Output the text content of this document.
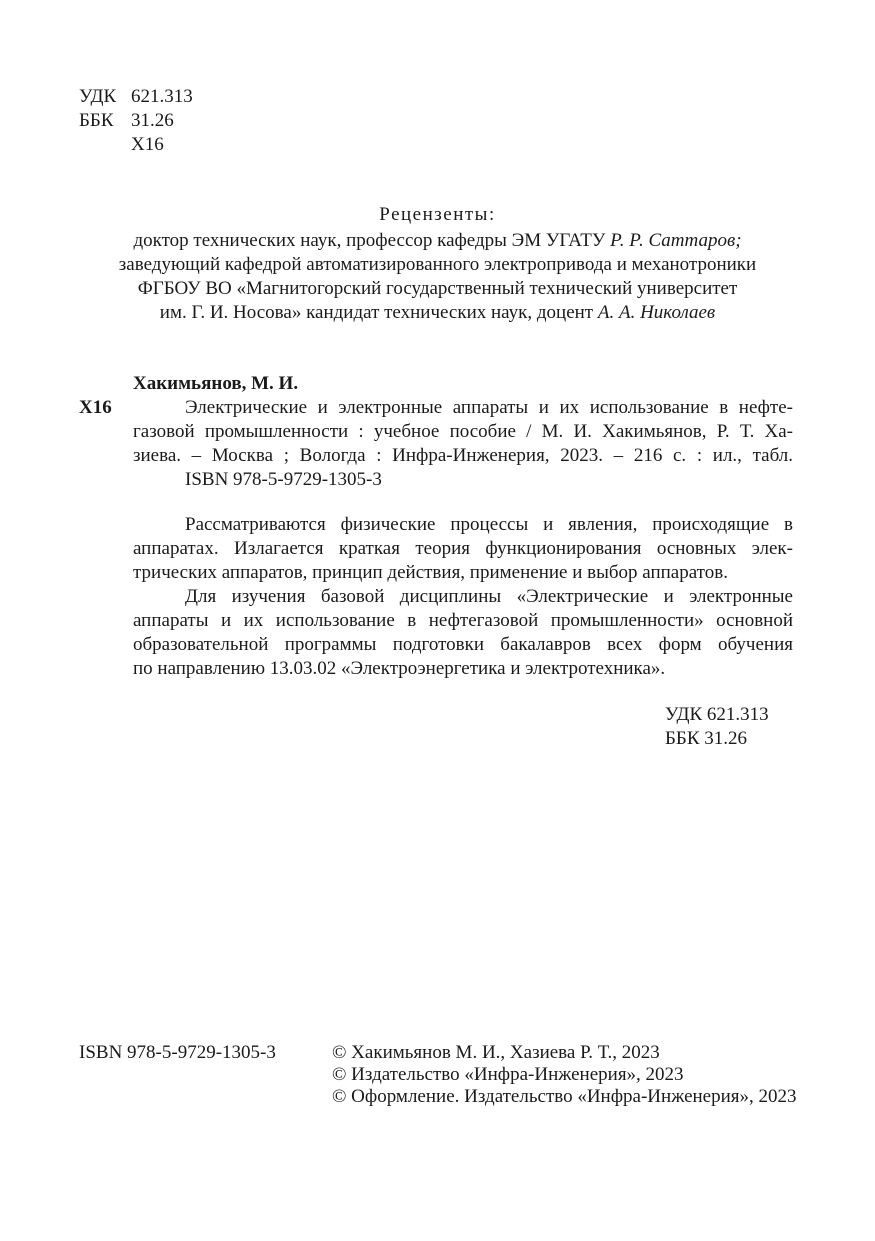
УДК 621.313
ББК 31.26
Х16
Рецензенты:
доктор технических наук, профессор кафедры ЭМ УГАТУ Р. Р. Саттаров;
заведующий кафедрой автоматизированного электропривода и механотроники
ФГБОУ ВО «Магнитогорский государственный технический университет
им. Г. И. Носова» кандидат технических наук, доцент А. А. Николаев
Хакимьянов, М. И.
Х16	Электрические и электронные аппараты и их использование в нефте-
газовой промышленности : учебное пособие / М. И. Хакимьянов, Р. Т. Ха-
зиева. – Москва ; Вологда : Инфра-Инженерия, 2023. – 216 с. : ил., табл.
ISBN 978-5-9729-1305-3
Рассматриваются физические процессы и явления, происходящие в
аппаратах. Излагается краткая теория функционирования основных элек-
трических аппаратов, принцип действия, применение и выбор аппаратов.
Для изучения базовой дисциплины «Электрические и электронные
аппараты и их использование в нефтегазовой промышленности» основной
образовательной программы подготовки бакалавров всех форм обучения
по направлению 13.03.02 «Электроэнергетика и электротехника».
УДК 621.313
ББК 31.26
ISBN 978-5-9729-1305-3	© Хакимьянов М. И., Хазиева Р. Т., 2023
© Издательство «Инфра-Инженерия», 2023
© Оформление. Издательство «Инфра-Инженерия», 2023
